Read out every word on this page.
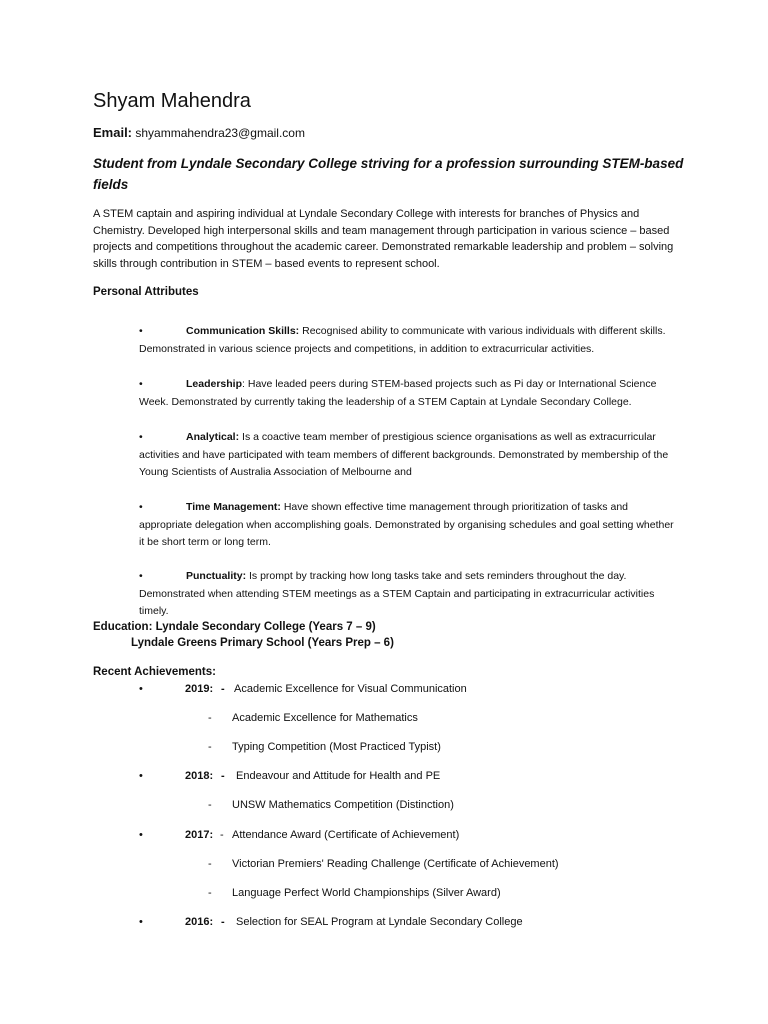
Shyam Mahendra
Email: shyammahendra23@gmail.com
Student from Lyndale Secondary College striving for a profession surrounding STEM-based fields

A STEM captain and aspiring individual at Lyndale Secondary College with interests for branches of Physics and Chemistry. Developed high interpersonal skills and team management through participation in various science – based projects and competitions throughout the academic career. Demonstrated remarkable leadership and problem – solving skills through contribution in STEM – based events to represent school.

Personal Attributes

•	Communication Skills: Recognised ability to communicate with various individuals with different skills. Demonstrated in various science projects and competitions, in addition to extracurricular activities.

•	Leadership: Have leaded peers during STEM-based projects such as Pi day or International Science Week. Demonstrated by currently taking the leadership of a STEM Captain at Lyndale Secondary College.

•	Analytical: Is a coactive team member of prestigious science organisations as well as extracurricular activities and have participated with team members of different backgrounds. Demonstrated by membership of the Young Scientists of Australia Association of Melbourne and

•	Time Management: Have shown effective time management through prioritization of tasks and appropriate delegation when accomplishing goals. Demonstrated by organising schedules and goal setting whether it be short term or long term.

•	Punctuality: Is prompt by tracking how long tasks take and sets reminders throughout the day. Demonstrated when attending STEM meetings as a STEM Captain and participating in extracurricular activities timely.

Education: Lyndale Secondary College (Years 7 – 9)
Lyndale Greens Primary School (Years Prep – 6)
Recent Achievements:
•	2019: - Academic Excellence for Visual Communication
- Academic Excellence for Mathematics
- Typing Competition (Most Practiced Typist)
•	2018: - Endeavour and Attitude for Health and PE
- UNSW Mathematics Competition (Distinction)
•	2017: - Attendance Award (Certificate of Achievement)
- Victorian Premiers' Reading Challenge (Certificate of Achievement)
- Language Perfect World Championships (Silver Award)
•	2016: - Selection for SEAL Program at Lyndale Secondary College
